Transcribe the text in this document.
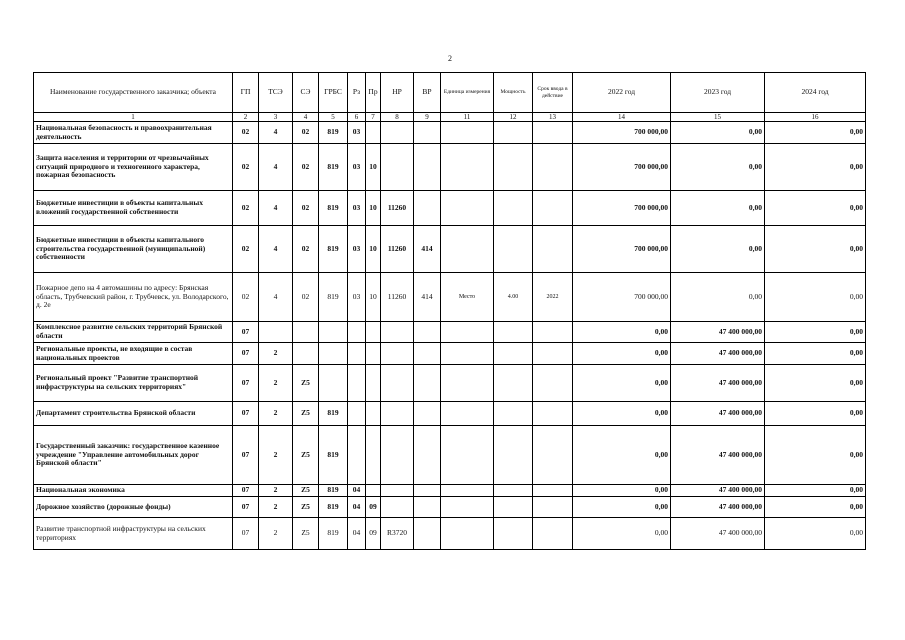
2
Наименование государственного заказчика; объекта	ГП	ТСЭ	СЭ	ГРБС	Рз	Пр	НР	ВР	Единица измерения	Мощность	Срок ввода в действие	2022 год	2023 год	2024 год
1	2	3	4	5	6	7	8	9	11	12	13	14	15	16
Национальная безопасность и правоохранительная деятельность	02	4	02	819	03							700 000,00	0,00	0,00
Защита населения и территории от чрезвычайных ситуаций природного и техногенного характера, пожарная безопасность	02	4	02	819	03	10						700 000,00	0,00	0,00
Бюджетные инвестиции в объекты капитальных вложений государственной собственности	02	4	02	819	03	10	11260					700 000,00	0,00	0,00
Бюджетные инвестиции в объекты капитального строительства государственной (муниципальной) собственности	02	4	02	819	03	10	11260	414				700 000,00	0,00	0,00
Пожарное депо на 4 автомашины по адресу: Брянская область, Трубчевский район, г. Трубчевск, ул. Володарского, д. 2е	02	4	02	819	03	10	11260	414	Место	4.00	2022	700 000,00	0,00	0,00
Комплексное развитие сельских территорий Брянской области	07											0,00	47 400 000,00	0,00
Региональные проекты, не входящие в состав национальных проектов	07	2										0,00	47 400 000,00	0,00
Региональный проект "Развитие транспортной инфраструктуры на сельских территориях"	07	2	Z5									0,00	47 400 000,00	0,00
Департамент строительства Брянской области	07	2	Z5	819								0,00	47 400 000,00	0,00
Государственный заказчик: государственное казенное учреждение "Управление автомобильных дорог Брянской области"	07	2	Z5	819								0,00	47 400 000,00	0,00
Национальная экономика	07	2	Z5	819	04							0,00	47 400 000,00	0,00
Дорожное хозяйство (дорожные фонды)	07	2	Z5	819	04	09						0,00	47 400 000,00	0,00
Развитие транспортной инфраструктуры на сельских территориях	07	2	Z5	819	04	09	R3720					0,00	47 400 000,00	0,00
